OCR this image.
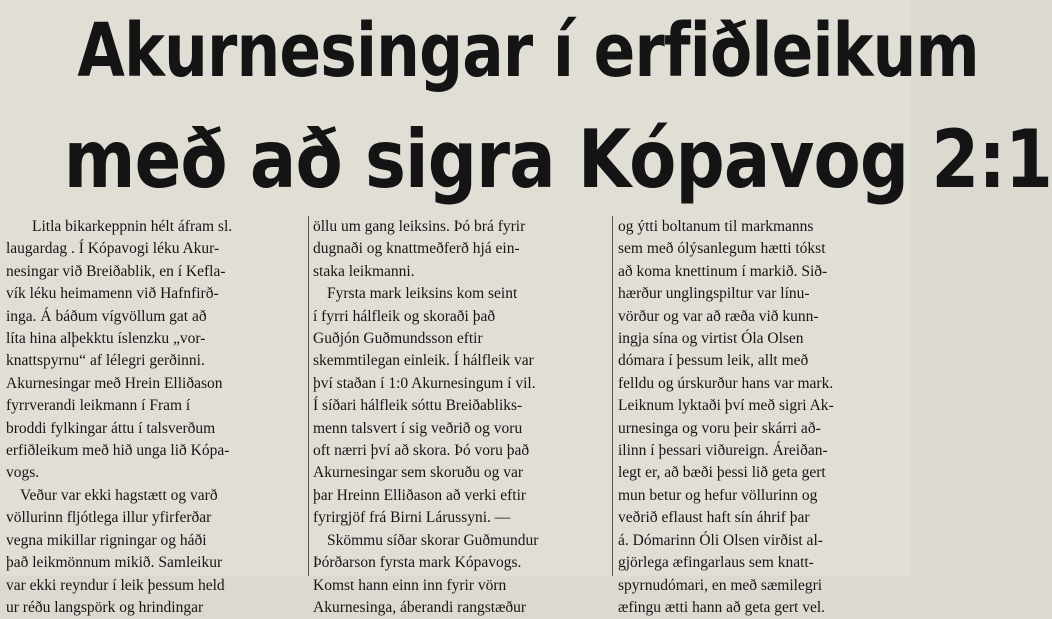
Akurnesingar í erfiðleikum
með að sigra Kópavog 2:1
Litla bikarkeppnin hélt áfram sl.
laugardag . Í Kópavogi léku Akur-
nesingar við Breiðablik, en í Kefla-
vík léku heimamenn við Hafnfirð-
inga. Á báðum vígvöllum gat að
líta hina alþekktu íslenzku „vor-
knattspyrnu“ af lélegri gerðinni.
Akurnesingar með Hrein Elliðason
fyrrverandi leikmann í Fram í
broddi fylkingar áttu í talsverðum
erfiðleikum með hið unga lið Kópa-
vogs.
Veður var ekki hagstætt og varð
völlurinn fljótlega illur yfirferðar
vegna mikillar rigningar og háði
það leikmönnum mikið. Samleikur
var ekki reyndur í leik þessum held
ur réðu langspörk og hrindingar
öllu um gang leiksins. Þó brá fyrir
dugnaði og knattmeðferð hjá ein-
staka leikmanni.
Fyrsta mark leiksins kom seint
í fyrri hálfleik og skoraði það
Guðjón Guðmundsson eftir
skemmtilegan einleik. Í hálfleik var
því staðan í 1:0 Akurnesingum í vil.
Í síðari hálfleik sóttu Breiðabliks-
menn talsvert í sig veðrið og voru
oft nærri því að skora. Þó voru það
Akurnesingar sem skoruðu og var
þar Hreinn Elliðason að verki eftir
fyrirgjöf frá Birni Lárussyni. —
Skömmu síðar skorar Guðmundur
Þórðarson fyrsta mark Kópavogs.
Komst hann einn inn fyrir vörn
Akurnesinga, áberandi rangstæður
og ýtti boltanum til markmanns
sem með ólýsanlegum hætti tókst
að koma knettinum í markið. Sið-
hærður unglingspiltur var línu-
vörður og var að ræða við kunn-
ingja sína og virtist Óla Olsen
dómara í þessum leik, allt með
felldu og úrskurður hans var mark.
Leiknum lyktaði því með sigri Ak-
urnesinga og voru þeir skárri að-
ilinn í þessari viðureign. Áreiðan-
legt er, að bæði þessi lið geta gert
mun betur og hefur völlurinn og
veðrið eflaust haft sín áhrif þar
á. Dómarinn Óli Olsen virðist al-
gjörlega æfingarlaus sem knatt-
spyrnudómari, en með sæmilegri
æfingu ætti hann að geta gert vel.
